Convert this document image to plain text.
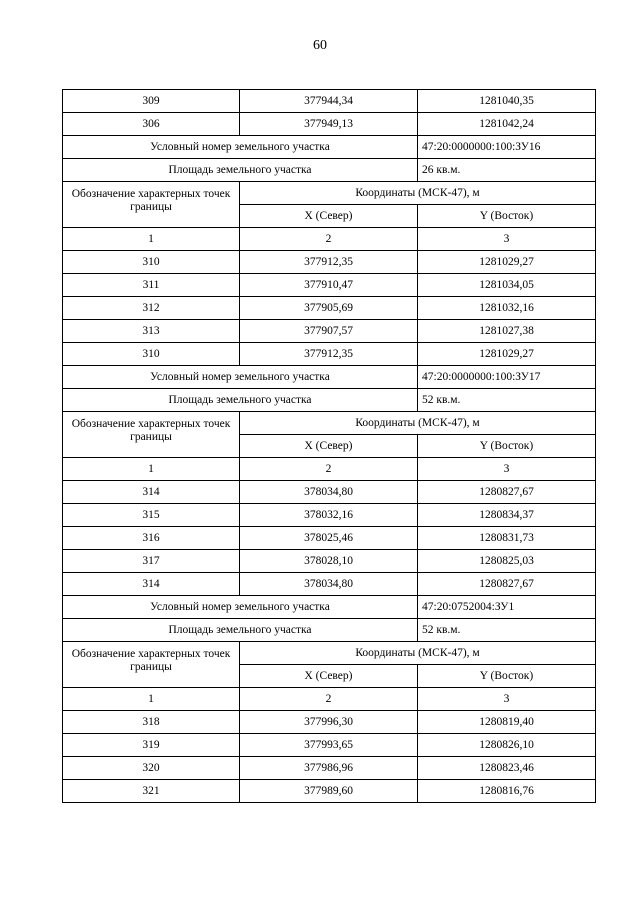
60
309	377944,34	1281040,35
306	377949,13	1281042,24
Условный номер земельного участка		47:20:0000000:100:ЗУ16
Площадь земельного участка		26 кв.м.
Обозначение характерных точек границы	Координаты (МСК-47), м	
	X (Север)	Y (Восток)
1	2	3
310	377912,35	1281029,27
311	377910,47	1281034,05
312	377905,69	1281032,16
313	377907,57	1281027,38
310	377912,35	1281029,27
Условный номер земельного участка		47:20:0000000:100:ЗУ17
Площадь земельного участка		52 кв.м.
Обозначение характерных точек границы	Координаты (МСК-47), м	
	X (Север)	Y (Восток)
1	2	3
314	378034,80	1280827,67
315	378032,16	1280834,37
316	378025,46	1280831,73
317	378028,10	1280825,03
314	378034,80	1280827,67
Условный номер земельного участка		47:20:0752004:ЗУ1
Площадь земельного участка		52 кв.м.
Обозначение характерных точек границы	Координаты (МСК-47), м	
	X (Север)	Y (Восток)
1	2	3
318	377996,30	1280819,40
319	377993,65	1280826,10
320	377986,96	1280823,46
321	377989,60	1280816,76
